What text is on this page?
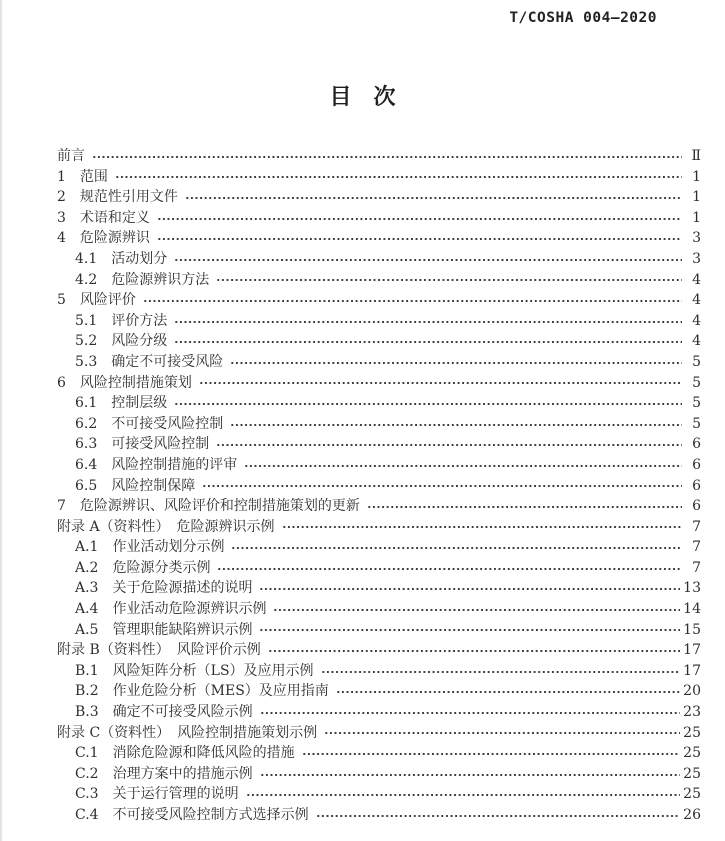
T/COSHA 004—2020
目　次
前言	Ⅱ
1　范围	1
2　规范性引用文件	1
3　术语和定义	1
4　危险源辨识	3
4.1　活动划分	3
4.2　危险源辨识方法	4
5　风险评价	4
5.1　评价方法	4
5.2　风险分级	4
5.3　确定不可接受风险	5
6　风险控制措施策划	5
6.1　控制层级	5
6.2　不可接受风险控制	5
6.3　可接受风险控制	6
6.4　风险控制措施的评审	6
6.5　风险控制保障	6
7　危险源辨识、风险评价和控制措施策划的更新	6
附录 A（资料性）　危险源辨识示例	7
A.1　作业活动划分示例	7
A.2　危险源分类示例	7
A.3　关于危险源描述的说明	13
A.4　作业活动危险源辨识示例	14
A.5　管理职能缺陷辨识示例	15
附录 B（资料性）　风险评价示例	17
B.1　风险矩阵分析（LS）及应用示例	17
B.2　作业危险分析（MES）及应用指南	20
B.3　确定不可接受风险示例	23
附录 C（资料性）　风险控制措施策划示例	25
C.1　消除危险源和降低风险的措施	25
C.2　治理方案中的措施示例	25
C.3　关于运行管理的说明	25
C.4　不可接受风险控制方式选择示例	26
